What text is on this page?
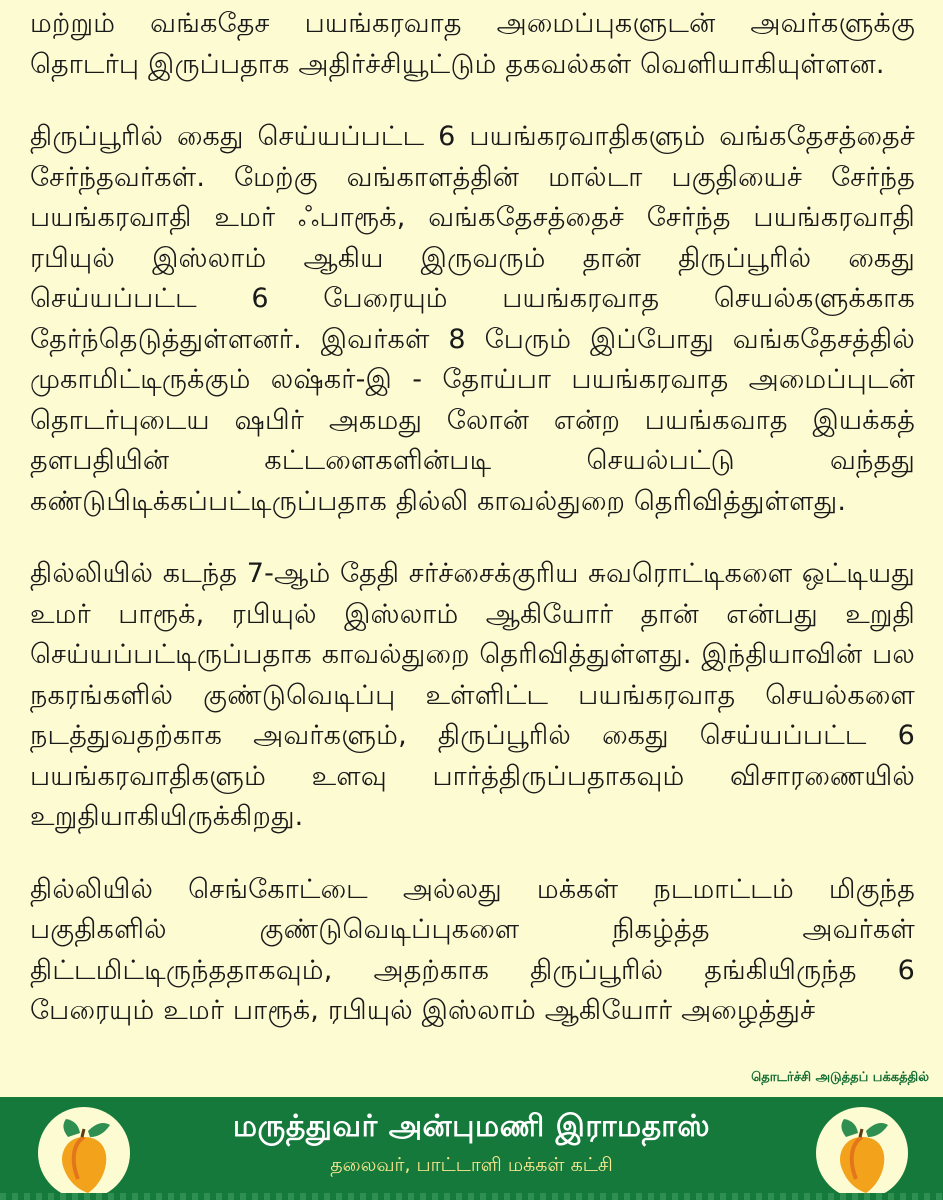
மற்றும் வங்கதேச பயங்கரவாத அமைப்புகளுடன் அவர்களுக்கு தொடர்பு இருப்பதாக அதிர்ச்சியூட்டும் தகவல்கள் வெளியாகியுள்ளன.

திருப்பூரில் கைது செய்யப்பட்ட 6 பயங்கரவாதிகளும் வங்கதேசத்தைச் சேர்ந்தவர்கள். மேற்கு வங்காளத்தின் மால்டா பகுதியைச் சேர்ந்த பயங்கரவாதி உமர் ஃபாரூக், வங்கதேசத்தைச் சேர்ந்த பயங்கரவாதி ரபியுல் இஸ்லாம் ஆகிய இருவரும் தான் திருப்பூரில் கைது செய்யப்பட்ட 6 பேரையும் பயங்கரவாத செயல்களுக்காக தேர்ந்தெடுத்துள்ளனர். இவர்கள் 8 பேரும் இப்போது வங்கதேசத்தில் முகாமிட்டிருக்கும் லஷ்கர்-இ - தோய்பா பயங்கரவாத அமைப்புடன் தொடர்புடைய ஷபிர் அகமது லோன் என்ற பயங்கவாத இயக்கத் தளபதியின் கட்டளைகளின்படி செயல்பட்டு வந்தது கண்டுபிடிக்கப்பட்டிருப்பதாக தில்லி காவல்துறை தெரிவித்துள்ளது.

தில்லியில் கடந்த 7-ஆம் தேதி சர்ச்சைக்குரிய சுவரொட்டிகளை ஒட்டியது உமர் பாரூக், ரபியுல் இஸ்லாம் ஆகியோர் தான் என்பது உறுதி செய்யப்பட்டிருப்பதாக காவல்துறை தெரிவித்துள்ளது. இந்தியாவின் பல நகரங்களில் குண்டுவெடிப்பு உள்ளிட்ட பயங்கரவாத செயல்களை நடத்துவதற்காக அவர்களும், திருப்பூரில் கைது செய்யப்பட்ட 6 பயங்கரவாதிகளும் உளவு பார்த்திருப்பதாகவும் விசாரணையில் உறுதியாகியிருக்கிறது.

தில்லியில் செங்கோட்டை அல்லது மக்கள் நடமாட்டம் மிகுந்த பகுதிகளில் குண்டுவெடிப்புகளை நிகழ்த்த அவர்கள் திட்டமிட்டிருந்ததாகவும், அதற்காக திருப்பூரில் தங்கியிருந்த 6 பேரையும் உமர் பாரூக், ரபியுல் இஸ்லாம் ஆகியோர் அழைத்துச்

தொடர்ச்சி அடுத்தப் பக்கத்தில்
மருத்துவர் அன்புமணி இராமதாஸ்
தலைவர், பாட்டாளி மக்கள் கட்சி
